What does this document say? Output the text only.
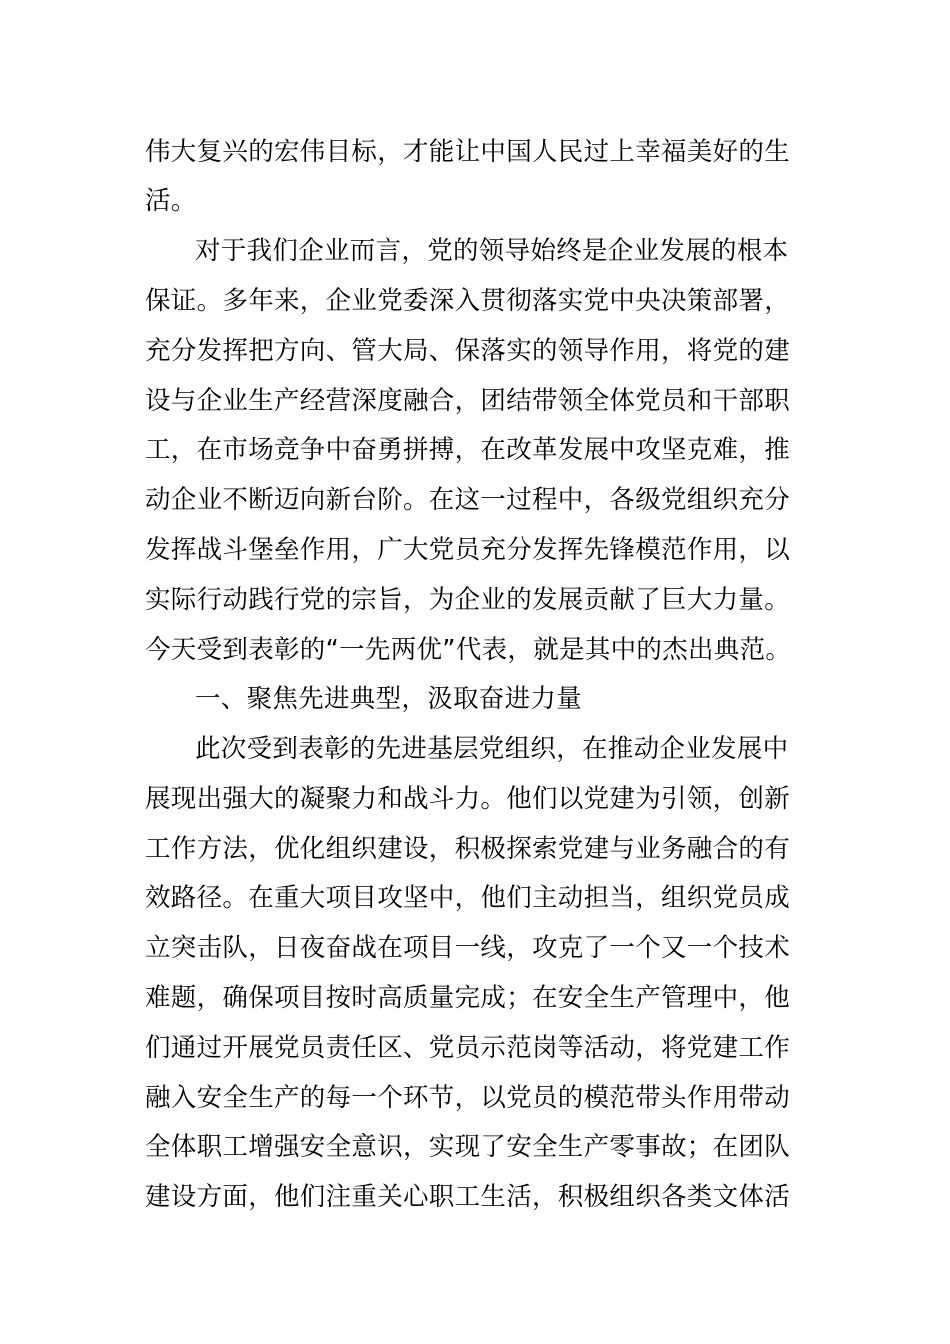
伟大复兴的宏伟目标，才能让中国人民过上幸福美好的生
活。
对于我们企业而言，党的领导始终是企业发展的根本
保证。多年来，企业党委深入贯彻落实党中央决策部署，
充分发挥把方向、管大局、保落实的领导作用，将党的建
设与企业生产经营深度融合，团结带领全体党员和干部职
工，在市场竞争中奋勇拼搏，在改革发展中攻坚克难，推
动企业不断迈向新台阶。在这一过程中，各级党组织充分
发挥战斗堡垒作用，广大党员充分发挥先锋模范作用，以
实际行动践行党的宗旨，为企业的发展贡献了巨大力量。
今天受到表彰的“一先两优”代表，就是其中的杰出典范。
一、聚焦先进典型，汲取奋进力量
此次受到表彰的先进基层党组织，在推动企业发展中
展现出强大的凝聚力和战斗力。他们以党建为引领，创新
工作方法，优化组织建设，积极探索党建与业务融合的有
效路径。在重大项目攻坚中，他们主动担当，组织党员成
立突击队，日夜奋战在项目一线，攻克了一个又一个技术
难题，确保项目按时高质量完成；在安全生产管理中，他
们通过开展党员责任区、党员示范岗等活动，将党建工作
融入安全生产的每一个环节，以党员的模范带头作用带动
全体职工增强安全意识，实现了安全生产零事故；在团队
建设方面，他们注重关心职工生活，积极组织各类文体活
